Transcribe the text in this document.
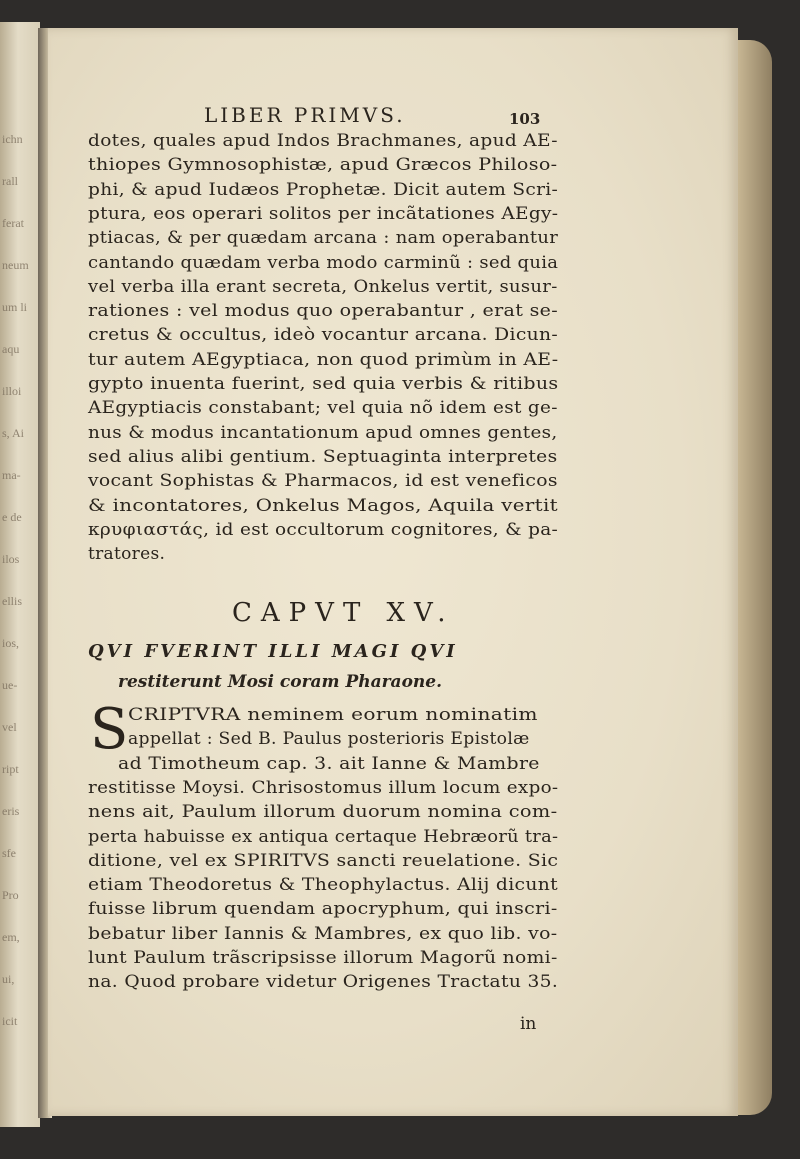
ichn
rall
ferat
neum
um li
aqu
illoi
s, Ai
ma-
e de
ilos
ellis
ios,
ue-
vel
ript
eris
sfe
Pro
em,
ui,
icit
LIBER PRIMVS.	103
dotes, quales apud Indos Brachmanes, apud AE-
thiopes Gymnosophistæ, apud Græcos Philoso-
phi, & apud Iudæos Prophetæ. Dicit autem Scri-
ptura, eos operari solitos per incãtationes AEgy-
ptiacas, & per quædam arcana : nam operabantur
cantando quædam verba modo carminũ : sed quia
vel verba illa erant secreta, Onkelus vertit, susur-
rationes : vel modus quo operabantur , erat se-
cretus & occultus, ideò vocantur arcana. Dicun-
tur autem AEgyptiaca, non quod primùm in AE-
gypto inuenta fuerint, sed quia verbis & ritibus
AEgyptiacis constabant; vel quia nõ idem est ge-
nus & modus incantationum apud omnes gentes,
sed alius alibi gentium. Septuaginta interpretes
vocant Sophistas & Pharmacos, id est veneficos
& incontatores, Onkelus Magos, Aquila vertit
κρυφιαστάς, id est occultorum cognitores, & pa-
tratores.
CAPVT XV.
QVI FVERINT ILLI MAGI QVI
restiterunt Mosi coram Pharaone.
S CRIPTVRA neminem eorum nominatim
appellat : Sed B. Paulus posterioris Epistolæ
ad Timotheum cap. 3. ait Ianne & Mambre
restitisse Moysi. Chrisostomus illum locum expo-
nens ait, Paulum illorum duorum nomina com-
perta habuisse ex antiqua certaque Hebræorũ tra-
ditione, vel ex SPIRITVS sancti reuelatione. Sic
etiam Theodoretus & Theophylactus. Alij dicunt
fuisse librum quendam apocryphum, qui inscri-
bebatur liber Iannis & Mambres, ex quo lib. vo-
lunt Paulum trãscripsisse illorum Magorũ nomi-
na. Quod probare videtur Origenes Tractatu 35.
in
